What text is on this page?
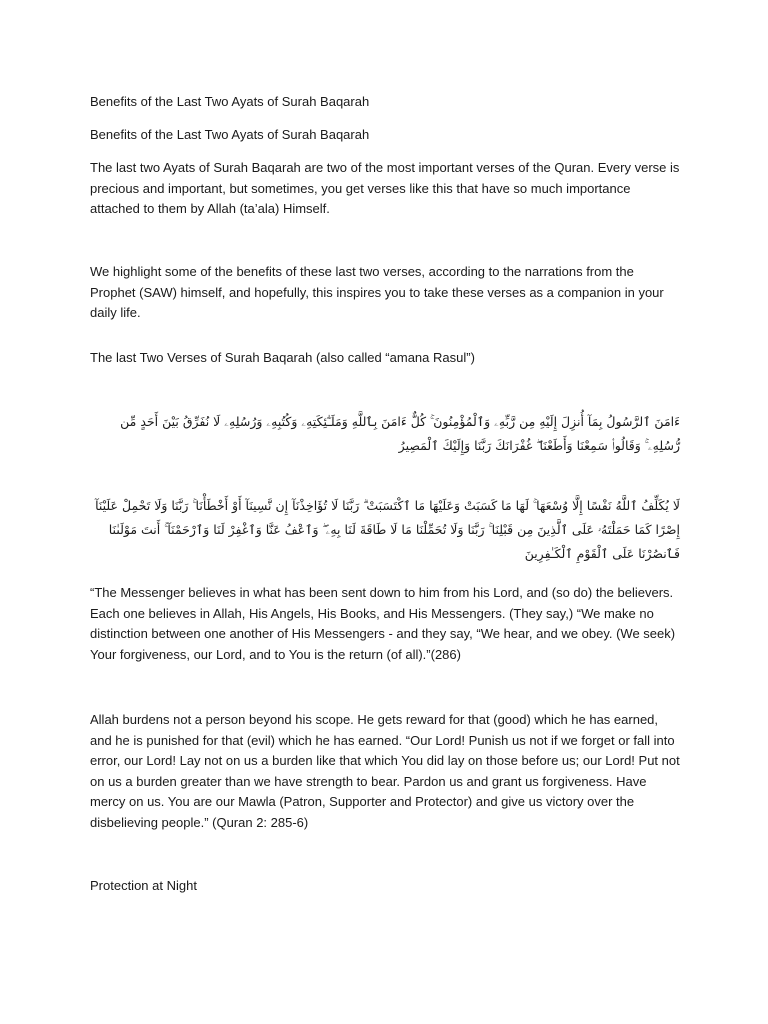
Benefits of the Last Two Ayats of Surah Baqarah

Benefits of the Last Two Ayats of Surah Baqarah

The last two Ayats of Surah Baqarah are two of the most important verses of the Quran. Every verse is precious and important, but sometimes, you get verses like this that have so much importance attached to them by Allah (ta’ala) Himself.

We highlight some of the benefits of these last two verses, according to the narrations from the Prophet (SAW) himself, and hopefully, this inspires you to take these verses as a companion in your daily life.

The last Two Verses of Surah Baqarah (also called “amana Rasul”)

ءَامَنَ ٱلرَّسُولُ بِمَآ أُنزِلَ إِلَيْهِ مِن رَّبِّهِۦ وَٱلْمُؤْمِنُونَ ۚ كُلٌّ ءَامَنَ بِٱللَّهِ وَمَلَـٰٓئِكَتِهِۦ وَكُتُبِهِۦ وَرُسُلِهِۦ لَا نُفَرِّقُ بَيْنَ أَحَدٍ مِّن رُّسُلِهِۦ ۚ وَقَالُوا۟ سَمِعْنَا وَأَطَعْنَا ۖ غُفْرَانَكَ رَبَّنَا وَإِلَيْكَ ٱلْمَصِيرُ

لَا يُكَلِّفُ ٱللَّهُ نَفْسًا إِلَّا وُسْعَهَا ۚ لَهَا مَا كَسَبَتْ وَعَلَيْهَا مَا ٱكْتَسَبَتْ ۗ رَبَّنَا لَا تُؤَاخِذْنَآ إِن نَّسِينَآ أَوْ أَخْطَأْنَا ۚ رَبَّنَا وَلَا تَحْمِلْ عَلَيْنَآ إِصْرًا كَمَا حَمَلْتَهُۥ عَلَى ٱلَّذِينَ مِن قَبْلِنَا ۚ رَبَّنَا وَلَا تُحَمِّلْنَا مَا لَا طَاقَةَ لَنَا بِهِۦ ۖ وَٱعْفُ عَنَّا وَٱغْفِرْ لَنَا وَٱرْحَمْنَآ ۚ أَنتَ مَوْلَىٰنَا فَٱنصُرْنَا عَلَى ٱلْقَوْمِ ٱلْكَـٰفِرِينَ

“The Messenger believes in what has been sent down to him from his Lord, and (so do) the believers. Each one believes in Allah, His Angels, His Books, and His Messengers. (They say,) “We make no distinction between one another of His Messengers - and they say, “We hear, and we obey. (We seek) Your forgiveness, our Lord, and to You is the return (of all).”(286)

Allah burdens not a person beyond his scope. He gets reward for that (good) which he has earned, and he is punished for that (evil) which he has earned. “Our Lord! Punish us not if we forget or fall into error, our Lord! Lay not on us a burden like that which You did lay on those before us; our Lord! Put not on us a burden greater than we have strength to bear. Pardon us and grant us forgiveness. Have mercy on us. You are our Mawla (Patron, Supporter and Protector) and give us victory over the disbelieving people.” (Quran 2: 285-6)

Protection at Night
